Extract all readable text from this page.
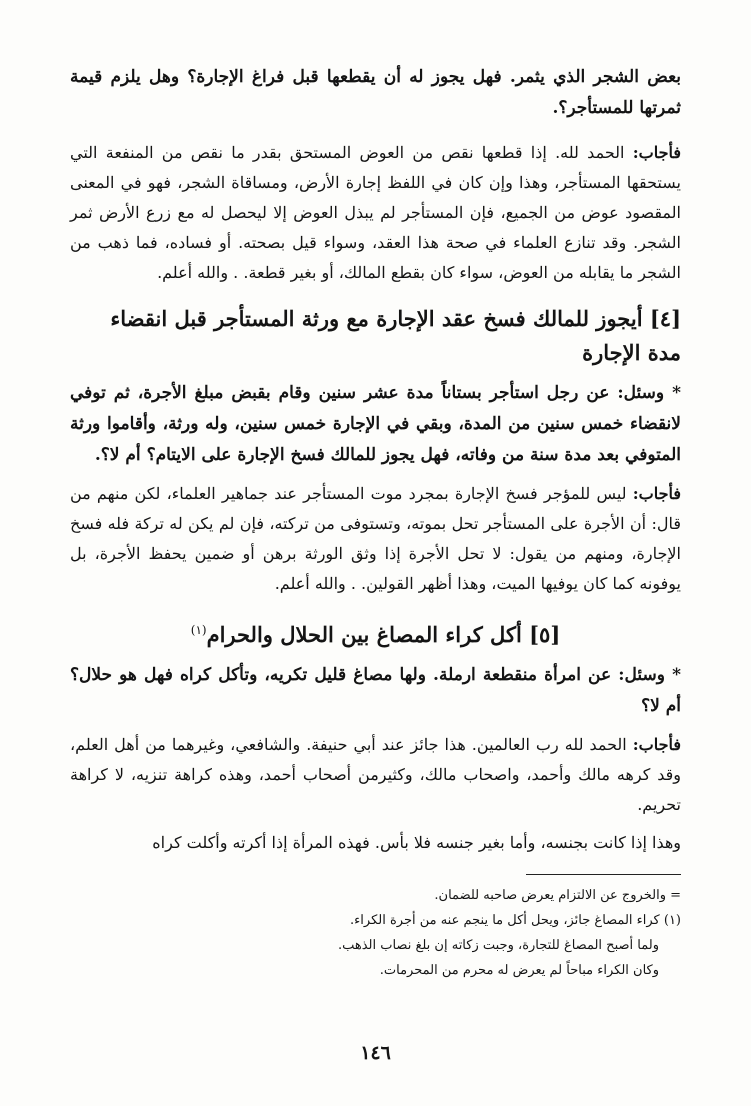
بعض الشجر الذي يثمر. فهل يجوز له أن يقطعها قبل فراغ الإجارة؟ وهل يلزم قيمة ثمرتها للمستأجر؟.

فأجاب: الحمد لله. إذا قطعها نقص من العوض المستحق بقدر ما نقص من المنفعة التي يستحقها المستأجر، وهذا وإن كان في اللفظ إجارة الأرض، ومساقاة الشجر، فهو في المعنى المقصود عوض من الجميع، فإن المستأجر لم يبذل العوض إلا ليحصل له مع زرع الأرض ثمر الشجر. وقد تنازع العلماء في صحة هذا العقد، وسواء قيل بصحته. أو فساده، فما ذهب من الشجر ما يقابله من العوض، سواء كان بقطع المالك، أو بغير قطعة. . والله أعلم.

[٤] أيجوز للمالك فسخ عقد الإجارة مع ورثة المستأجر قبل انقضاء مدة الإجارة

* وسئل: عن رجل استأجر بستاناً مدة عشر سنين وقام بقبض مبلغ الأجرة، ثم توفي لانقضاء خمس سنين من المدة، وبقي في الإجارة خمس سنين، وله ورثة، وأقاموا ورثة المتوفي بعد مدة سنة من وفاته، فهل يجوز للمالك فسخ الإجارة على الايتام؟ أم لا؟.

فأجاب: ليس للمؤجر فسخ الإجارة بمجرد موت المستأجر عند جماهير العلماء، لكن منهم من قال: أن الأجرة على المستأجر تحل بموته، وتستوفى من تركته، فإن لم يكن له تركة فله فسخ الإجارة، ومنهم من يقول: لا تحل الأجرة إذا وثق الورثة برهن أو ضمين يحفظ الأجرة، بل يوفونه كما كان يوفيها الميت، وهذا أظهر القولين. . والله أعلم.

[٥] أكل كراء المصاغ بين الحلال والحرام$^{(١)}$

* وسئل: عن امرأة منقطعة ارملة. ولها مصاغ قليل تكريه، وتأكل كراه فهل هو حلال؟ أم لا؟

فأجاب: الحمد لله رب العالمين. هذا جائز عند أبي حنيفة. والشافعي، وغيرهما من أهل العلم، وقد كرهه مالك وأحمد، واصحاب مالك، وكثيرمن أصحاب أحمد، وهذه كراهة تنزيه، لا كراهة تحريم.

وهذا إذا كانت بجنسه، وأما بغير جنسه فلا بأس. فهذه المرأة إذا أكرته وأكلت كراه

= والخروج عن الالتزام يعرض صاحبه للضمان.

(١) كراء المصاغ جائز، ويحل أكل ما ينجم عنه من أجرة الكراء.

ولما أصبح المصاغ للتجارة، وجبت زكاته إن بلغ نصاب الذهب.

وكان الكراء مباحاً لم يعرض له محرم من المحرمات.

١٤٦
